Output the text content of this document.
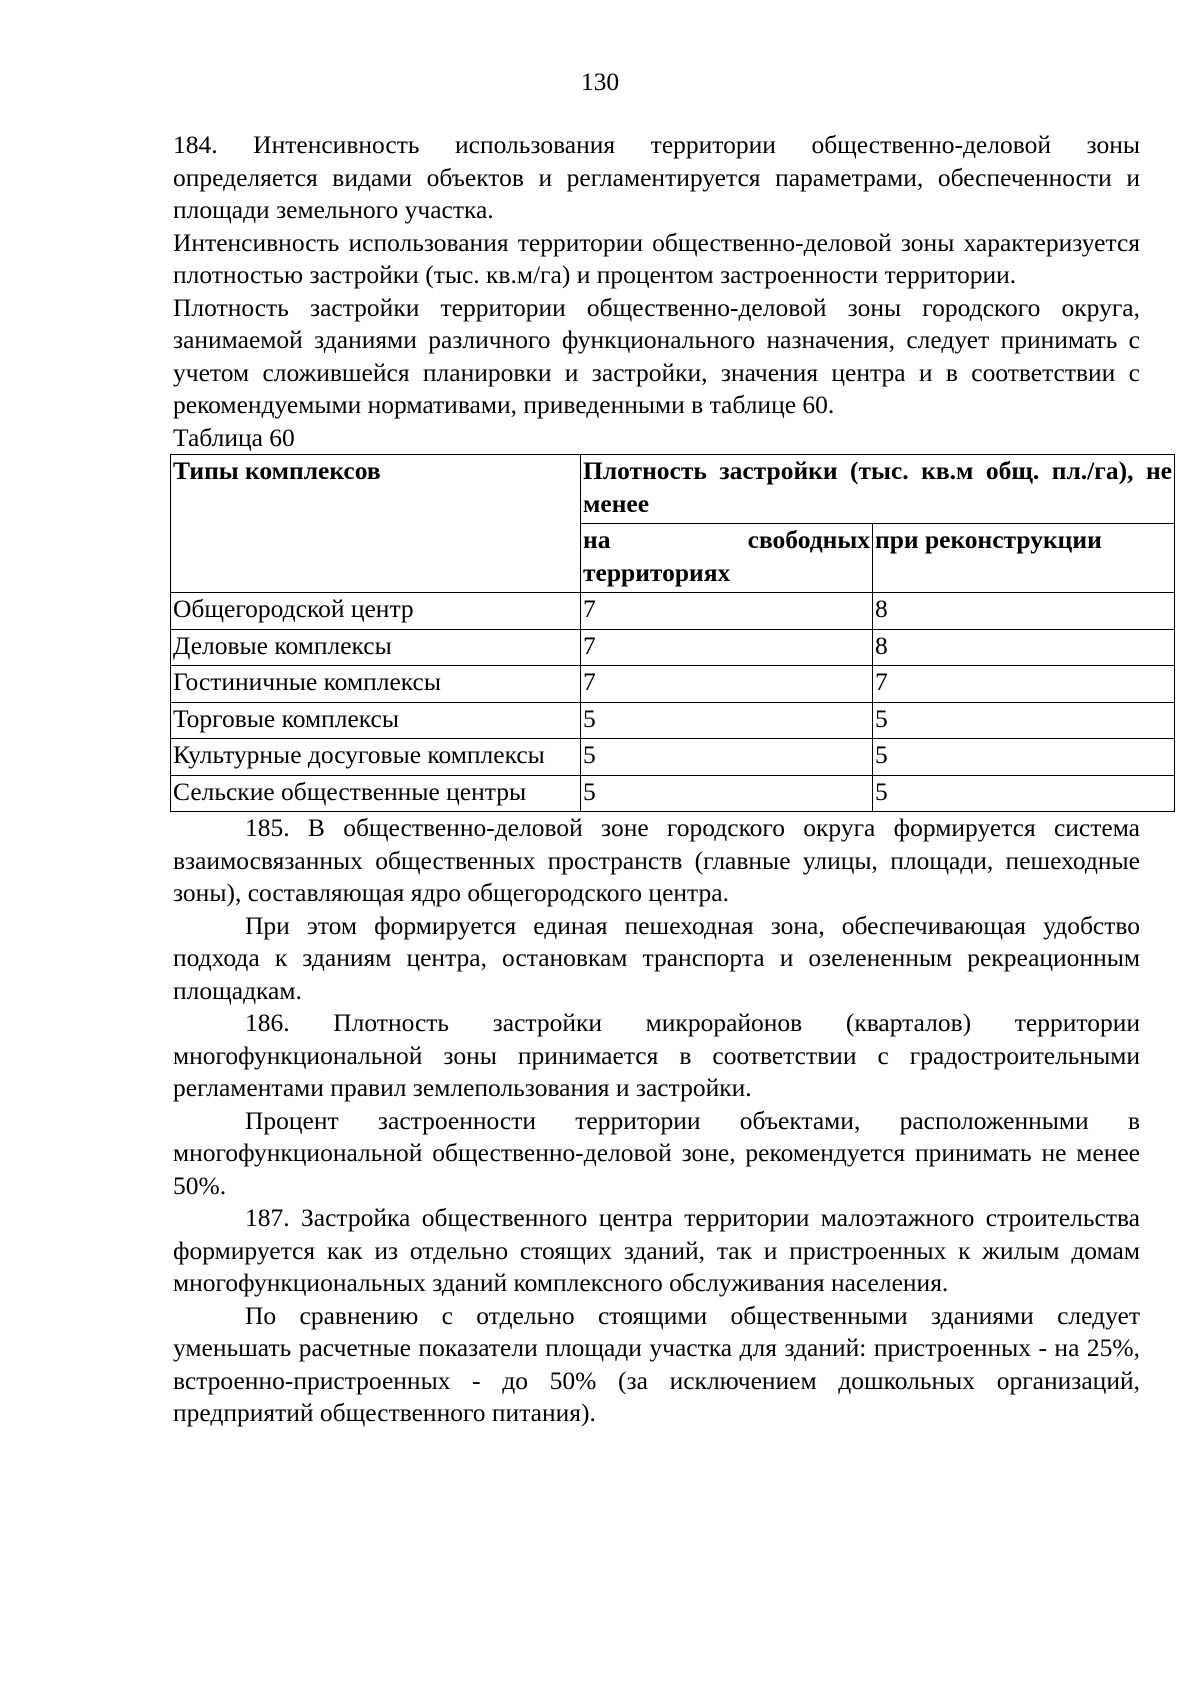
130

184. Интенсивность использования территории общественно-деловой зоны определяется видами объектов и регламентируется параметрами, обеспеченности и площади земельного участка.

Интенсивность использования территории общественно-деловой зоны характеризуется плотностью застройки (тыс. кв.м/га) и процентом застроенности территории.

Плотность застройки территории общественно-деловой зоны городского округа, занимаемой зданиями различного функционального назначения, следует принимать с учетом сложившейся планировки и застройки, значения центра и в соответствии с рекомендуемыми нормативами, приведенными в таблице 60.

Таблица 60

Типы комплексов	Плотность застройки (тыс. кв.м общ. пл./га), не менее	
	на свободных территориях	при реконструкции
Общегородской центр	7	8
Деловые комплексы	7	8
Гостиничные комплексы	7	7
Торговые комплексы	5	5
Культурные досуговые комплексы	5	5
Сельские общественные центры	5	5

185. В общественно-деловой зоне городского округа формируется система взаимосвязанных общественных пространств (главные улицы, площади, пешеходные зоны), составляющая ядро общегородского центра.

При этом формируется единая пешеходная зона, обеспечивающая удобство подхода к зданиям центра, остановкам транспорта и озелененным рекреационным площадкам.

186. Плотность застройки микрорайонов (кварталов) территории многофункциональной зоны принимается в соответствии с градостроительными регламентами правил землепользования и застройки.

Процент застроенности территории объектами, расположенными в многофункциональной общественно-деловой зоне, рекомендуется принимать не менее 50%.

187. Застройка общественного центра территории малоэтажного строительства формируется как из отдельно стоящих зданий, так и пристроенных к жилым домам многофункциональных зданий комплексного обслуживания населения.

По сравнению с отдельно стоящими общественными зданиями следует уменьшать расчетные показатели площади участка для зданий: пристроенных - на 25%, встроенно-пристроенных - до 50% (за исключением дошкольных организаций, предприятий общественного питания).
